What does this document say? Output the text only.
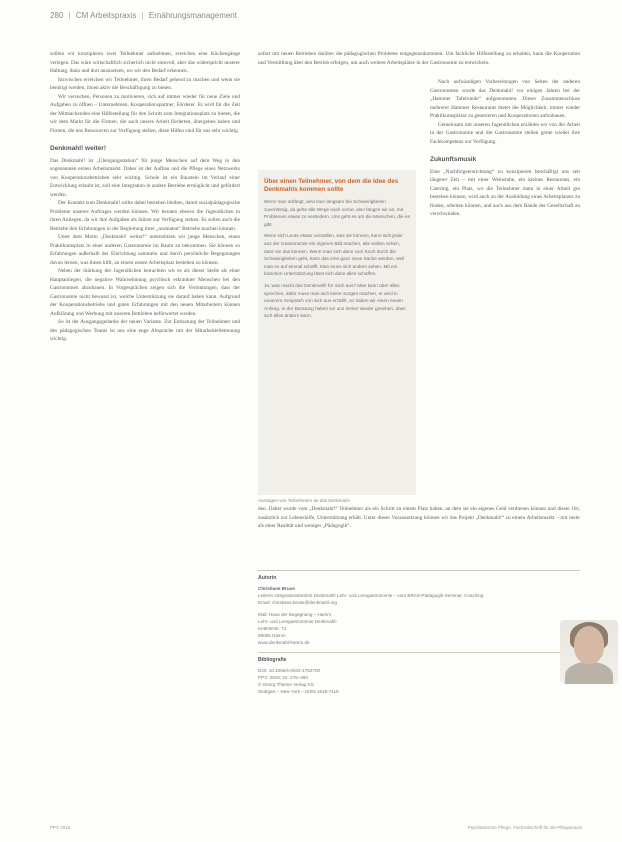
280 | CM Arbeitspraxis | Ernährungsmanagement

sollten wir konzipieren zwei Teilnehmer aufnehmen, erreichen eine Küchengänge verlegen. Das wäre wirtschaftlich sicherlich nicht sinnvoll, aber das widerspricht unserer Haltung, dann und dort anzusetzen, wo wir den Bedarf erkennen.

Inzwischen erreichen wir Teilnehmer, ihren Bedarf gehend zu machen und wenn sie benötigt werden, ihnen aktiv die Beschäftigung zu bieten.

Wir versuchen, Personen zu motivieren, sich auf immer wieder für neue Ziele und Aufgaben zu öffnen – Unternehmen, Kooperationspartner, Förderer. Es wird für die Zeit der Mitmachenden eine Hilfestellung für den Schritt zum Integrationsplatz zu bieten, die wir dem Markt für die Firmen, die auch unsere Arbeit förderten, übergeben haben und Firmen, die uns Ressourcen zur Verfügung stellen, diese Hilfen sind für uns sehr wichtig.

Denkmahl! weiter!

Das Denkmahl! ist „Übergangsstation“ für junge Menschen auf dem Weg in den sogenannten ersten Arbeitsmarkt. Daher ist der Aufbau und die Pflege eines Netzwerks von Kooperationsbetrieben sehr wichtig. Schule ist ein Baustein im Verlauf einer Entwicklung erlaubt ist, soll eine Integration in andere Betriebe ermöglicht und gefördert werden.

Der Kontakt zum Denkmahl! sollte dabei bestehen bleiben, damit sozialpädagogische Probleme unseres Auftrages werden können. Wir beraten ebenso die Jugendlichen in ihren Anliegen, da wir ihre Aufgaben als Stütze zur Verfügung stehen. Es sollen auch die Betriebe ihre Erfahrungen in der Begleitung ihrer „normalen“ Betriebe machen können.

Unter dem Motto „Denkmahl! weiter!“ unterstützen wir junge Menschen, einen Praktikumsplatz in einer anderen Gastronomie im Raum zu bekommen. Sie können so Erfahrungen außerhalb der Einrichtung sammeln und durch persönliche Begegnungen davon lernen, was ihnen hilft, an einem neuen Arbeitsplatz bestehen zu können.

Neben der Stärkung der Jugendlichen betrachten wir es als dieser Stelle als einer Hauptanliegen, die negative Wahrnehmung psychisch erkrankter Menschen bei den Gastronomen abzubauen. In Vorgesprächen zeigen sich die Vermutungen, dass der Gastronomie nicht bewusst ist, welche Unterstützung sie darauf haben kann. Aufgrund der Kooperationsbetriebe und guten Erfahrungen mit den neuen Mitarbeitern können Aufklärung und Werbung mit unseren Betrieben befürwortet werden.

So ist der Ausgangsgedanke der neuen Variante. Zur Entlastung der Teilnehmer und des pädagogischen Teams ist uns eine enge Absprache mit der Mitarbeiterbetreuung wichtig.

sofort mit neuen Betrieben darüber die pädagogischen Probleme entgegenzukommen. Um fachliche Hilfestellung zu erhalten, kann die Kooperation und Vermittlung über den Betrieb erfolgen, um auch weitere Arbeitsplätze in der Gastronomie zu entwickeln.

Über einen Teilnehmer, von dem die Idee des Denkmahls kommen sollte

Wenn man anfängt, wird man langsam bei Schwierigkeiten zuverlässig, da gehe alle Wege nach vorne, also fangen wir an, mit Problemen etwas zu verändern. Uns geht es um die Menschen, die es gibt.

Wenn sich Leute etwas vorstellen, was sie können, kann sich jeder aus der Gastronomie ein eigenes Bild machen, alle wollen sehen, dass sie das können. Wenn man sich dann vom Koch durch die Schwierigkeiten geht, kann das eine ganz neue Sache werden, weil man es auf einmal schafft. Man muss sich anders sehen. Mit ein bisschen Unterstützung lässt sich dann alles schaffen.

Ja, was macht das Denkmahl! für mich aus? Man kann über alles sprechen, dafür muss man sich keine Sorgen machen, er wird in unserem Gespräch von sich aus erzählt, so haben wir einen neuen Anfang. In der Beratung haben wir uns immer wieder gesehen, dass sich alles ändern kann.

Aussagen von Teilnehmern an das Denkmahl!

Nach aufwändigen Vorbereitungen von Seiten der anderen Gastronomen wurde das Denkmahl! vor einigen Jahren bei der „Hammer Tafelrunde“ aufgenommen. Dieser Zusammenschluss mehrerer Hammer Restaurants bietet die Möglichkeit, immer wieder Praktikumsplätze zu generieren und Kooperationen aufzubauen.

Gemeinsam mit unseren Jugendlichen erzählen wir von der Arbeit in der Gastronomie und die Gastronomie stellen gerne wieder ihre Fachkompetenz zur Verfügung.

Zukunftsmusik

Eine „Nachfolgeeinrichtung“ zu konzipieren beschäftigt uns seit längerer Zeit – mit einer Weinstube, ein kleines Restaurant, ein Catering, ein Platz, wo die Teilnehmer dann in einer Arbeit gut bestehen können, wird auch zu der Ausbildung eines Arbeitsplatzes zu finden, arbeiten können, und auch aus dem Rande der Gesellschaft zu verschwinden.

den. Daher wurde vom „Denkmahl!“ Teilnehmer als ein Schritt zu einem Platz haben, an dem sie ein eigenes Geld verdienen können und dieser Ort, zusätzlich zur Lebenshilfe, Unterstützung erhält. Unter dieser Voraussetzung können wir das Projekt „Denkmahl!“ zu einem Arbeitsmarkt – mit mehr als einer Realität und weniger „Pädagogik“.

Autorin
Christiane Bruse
Leiterin Integrationsbetrieb Denkmahl! Lehr- und Lerngastronomie – vom BRAS-Pädagogik-Seminar, Coaching
Email: christiane.bruse@denkmahl.org
Mail: Haus der Begegnung – Hamm
Lehr- und Lerngastronomie Denkmahl!
Kettelerstr. 71
59065 Hamm
www.denkmahl-hamm.de
Bibliografie
DOI: 10.1055/s-0042-1754700
PPV: 2016; 22: 276–280
© Georg Thieme Verlag KG
Stuttgart – New York – ISSN 1619-7119
PPV 2016	Psychiatrische Pflege, Fachzeitschrift für die Pflegepraxis
